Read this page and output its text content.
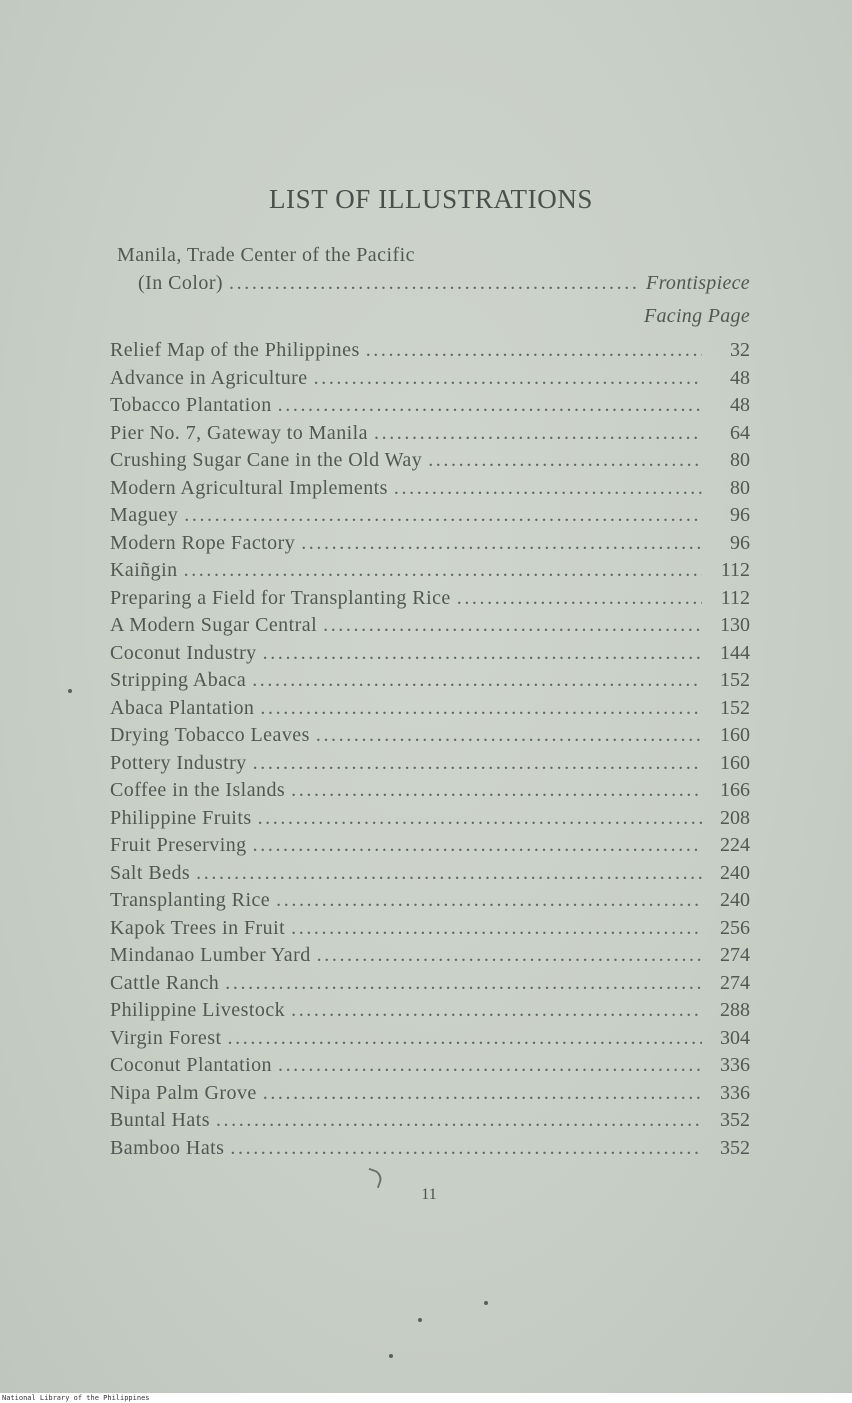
LIST OF ILLUSTRATIONS
Manila, Trade Center of the Pacific
(In Color) . . .	Frontispiece
Facing Page
Relief Map of the Philippines . . .	32
Advance in Agriculture . . .	48
Tobacco Plantation . . .	48
Pier No. 7, Gateway to Manila . . .	64
Crushing Sugar Cane in the Old Way . . .	80
Modern Agricultural Implements . . .	80
Maguey . . .	96
Modern Rope Factory . . .	96
Kaiñgin . . .	112
Preparing a Field for Transplanting Rice . . .	112
A Modern Sugar Central . . .	130
Coconut Industry . . .	144
Stripping Abaca . . .	152
Abaca Plantation . . .	152
Drying Tobacco Leaves . . .	160
Pottery Industry . . .	160
Coffee in the Islands . . .	166
Philippine Fruits . . .	208
Fruit Preserving . . .	224
Salt Beds . . .	240
Transplanting Rice . . .	240
Kapok Trees in Fruit . . .	256
Mindanao Lumber Yard . . .	274
Cattle Ranch . . .	274
Philippine Livestock . . .	288
Virgin Forest . . .	304
Coconut Plantation . . .	336
Nipa Palm Grove . . .	336
Buntal Hats . . .	352
Bamboo Hats . . .	352
11
National Library of the Philippines
